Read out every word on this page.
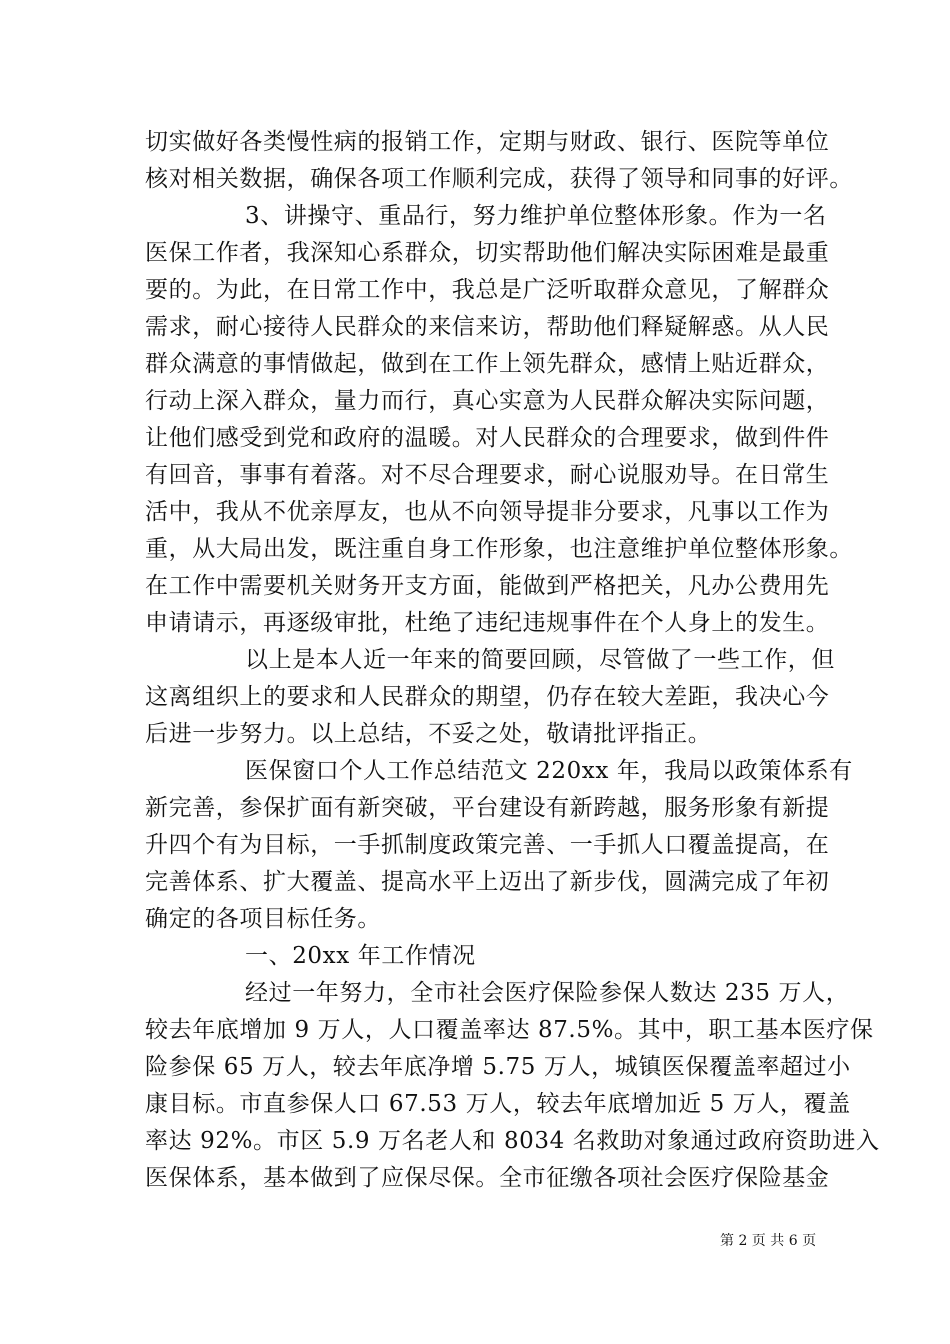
切实做好各类慢性病的报销工作，定期与财政、银行、医院等单位
核对相关数据，确保各项工作顺利完成，获得了领导和同事的好评。
3、讲操守、重品行，努力维护单位整体形象。作为一名
医保工作者，我深知心系群众，切实帮助他们解决实际困难是最重
要的。为此，在日常工作中，我总是广泛听取群众意见，了解群众
需求，耐心接待人民群众的来信来访，帮助他们释疑解惑。从人民
群众满意的事情做起，做到在工作上领先群众，感情上贴近群众，
行动上深入群众，量力而行，真心实意为人民群众解决实际问题，
让他们感受到党和政府的温暖。对人民群众的合理要求，做到件件
有回音，事事有着落。对不尽合理要求，耐心说服劝导。在日常生
活中，我从不优亲厚友，也从不向领导提非分要求，凡事以工作为
重，从大局出发，既注重自身工作形象，也注意维护单位整体形象。
在工作中需要机关财务开支方面，能做到严格把关，凡办公费用先
申请请示，再逐级审批，杜绝了违纪违规事件在个人身上的发生。
以上是本人近一年来的简要回顾，尽管做了一些工作，但
这离组织上的要求和人民群众的期望，仍存在较大差距，我决心今
后进一步努力。以上总结，不妥之处，敬请批评指正。
医保窗口个人工作总结范文 220xx 年，我局以政策体系有
新完善，参保扩面有新突破，平台建设有新跨越，服务形象有新提
升四个有为目标，一手抓制度政策完善、一手抓人口覆盖提高，在
完善体系、扩大覆盖、提高水平上迈出了新步伐，圆满完成了年初
确定的各项目标任务。
一、20xx 年工作情况
经过一年努力，全市社会医疗保险参保人数达 235 万人，
较去年底增加 9 万人，人口覆盖率达 87.5%。其中，职工基本医疗保
险参保 65 万人，较去年底净增 5.75 万人，城镇医保覆盖率超过小
康目标。市直参保人口 67.53 万人，较去年底增加近 5 万人，覆盖
率达 92%。市区 5.9 万名老人和 8034 名救助对象通过政府资助进入
医保体系，基本做到了应保尽保。全市征缴各项社会医疗保险基金
第 2 页 共 6 页
